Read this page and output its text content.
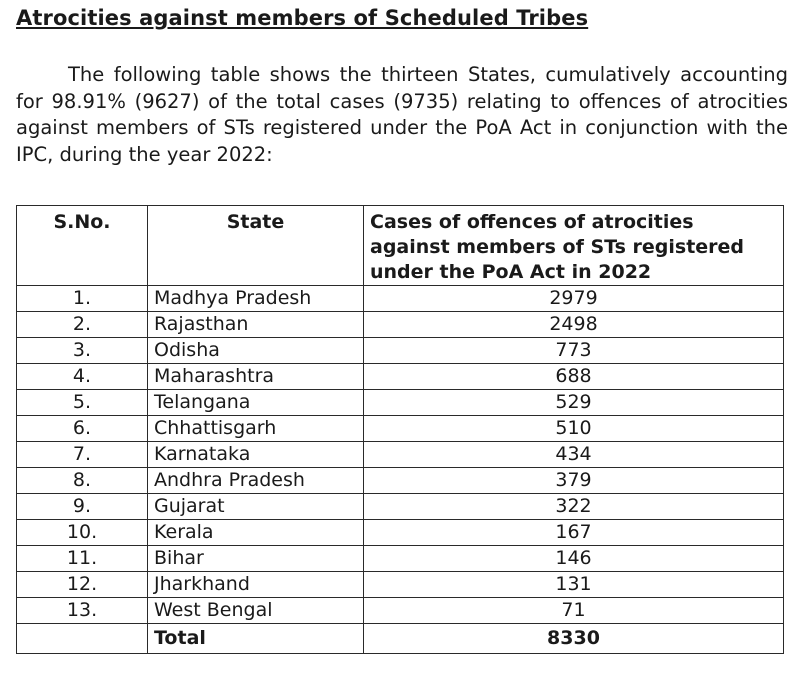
Atrocities against members of Scheduled Tribes

The following table shows the thirteen States, cumulatively accounting for 98.91% (9627) of the total cases (9735) relating to offences of atrocities against members of STs registered under the PoA Act in conjunction with the IPC, during the year 2022:

S.No.	State	Cases of offences of atrocities against members of STs registered under the PoA Act in 2022
1.	Madhya Pradesh	2979
2.	Rajasthan	2498
3.	Odisha	773
4.	Maharashtra	688
5.	Telangana	529
6.	Chhattisgarh	510
7.	Karnataka	434
8.	Andhra Pradesh	379
9.	Gujarat	322
10.	Kerala	167
11.	Bihar	146
12.	Jharkhand	131
13.	West Bengal	71
	Total	8330
